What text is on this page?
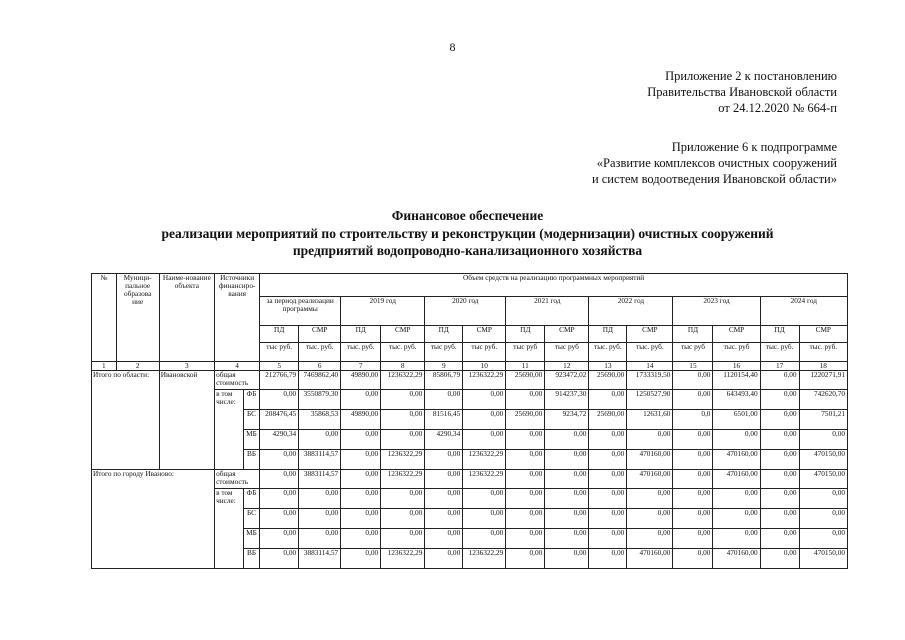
8
Приложение 2 к постановлению
Правительства Ивановской области
от 24.12.2020 № 664-п
Приложение 6 к подпрограмме
«Развитие комплексов очистных сооружений
и систем водоотведения Ивановской области»
Финансовое обеспечение
реализации мероприятий по строительству и реконструкции (модернизации) очистных сооружений
предприятий водопроводно-канализационного хозяйства
№	Муници-пальное образова ние	Наиме-нование объекта	Источники финансиро-вания		Объем средств на реализацию программных мероприятий													
					за период реализации программы		2019 год		2020 год		2021 год		2022 год		2023 год		2024 год	
					ПД	СМР	ПД	СМР	ПД	СМР	ПД	СМР	ПД	СМР	ПД	СМР	ПД	СМР
					тыс руб.	тыс. руб.	тыс. руб.	тыс. руб.	тыс руб.	тыс руб.	тыс руб	тыс руб	тыс. руб.	тыс. руб.	тыс руб	тыс. руб	тыс. руб.	тыс. руб.
1	2	3	4		5	6	7	8	9	10	11	12	13	14	15	16	17	18
Итого по области:		Ивановской	общая стоимость		212766,79	7469862,40	49890,00	1236322,29	85806,79	1236322,29	25690,00	923472,02	25690,00	1733319,50	0,00	1120154,40	0,00	1220271,91
			в том числе:	ФБ	0,00	3550879,30	0,00	0,00	0,00	0,00	0,00	914237,30	0,00	1250527,90	0,00	643493,40	0,00	742620,70
				БС	208476,45	35868,53	49890,00	0,00	81516,45	0,00	25690,00	9234,72	25690,00	12631,60	0,0	6501,00	0,00	7501,21
				МБ	4290,34	0,00	0,00	0,00	4290,34	0,00	0,00	0,00	0,00	0,00	0,00	0,00	0,00	0,00
				ВБ	0,00	3883114,57	0,00	1236322,29	0,00	1236322,29	0,00	0,00	0,00	470160,00	0,00	470160,00	0,00	470150,00
Итого по городу Иваново:			общая стоимость		0,00	3883114,57	0,00	1236322,29	0,00	1236322,29	0,00	0,00	0,00	470160,00	0,00	470160,00	0,00	470150,00
			в том числе:	ФБ	0,00	0,00	0,00	0,00	0,00	0,00	0,00	0,00	0,00	0,00	0,00	0,00	0,00	0,00
				БС	0,00	0,00	0,00	0,00	0,00	0,00	0,00	0,00	0,00	0,00	0,00	0,00	0,00	0,00
				МБ	0,00	0,00	0,00	0,00	0,00	0,00	0,00	0,00	0,00	0,00	0,00	0,00	0,00	0,00
				ВБ	0,00	3883114,57	0,00	1236322,29	0,00	1236322,29	0,00	0,00	0,00	470160,00	0,00	470160,00	0,00	470150,00
